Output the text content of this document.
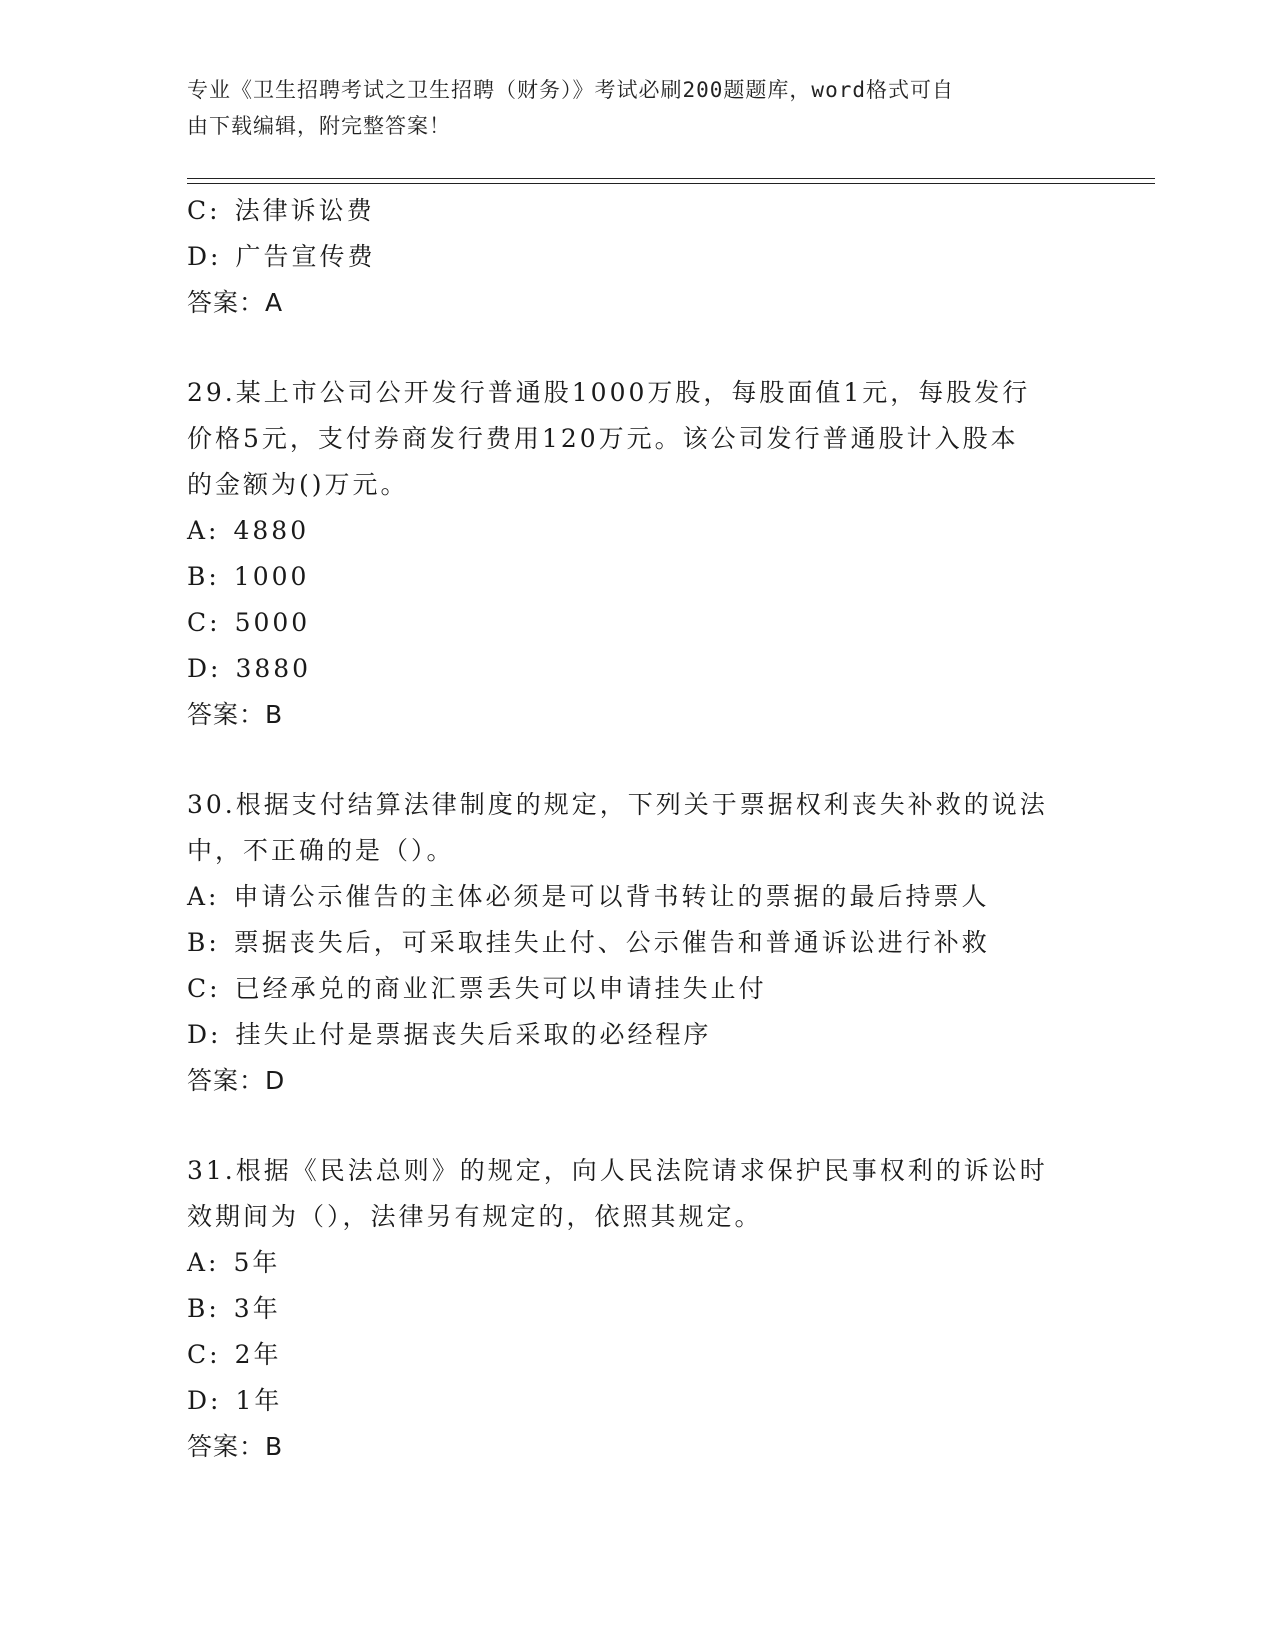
专业《卫生招聘考试之卫生招聘（财务）》考试必刷200题题库，word格式可自
由下载编辑，附完整答案！
C: 法律诉讼费
D: 广告宣传费
答案：A
29.某上市公司公开发行普通股1000万股，每股面值1元，每股发行
价格5元，支付券商发行费用120万元。该公司发行普通股计入股本
的金额为()万元。
A: 4880
B: 1000
C: 5000
D: 3880
答案：B
30.根据支付结算法律制度的规定，下列关于票据权利丧失补救的说法
中，不正确的是（）。
A: 申请公示催告的主体必须是可以背书转让的票据的最后持票人
B: 票据丧失后，可采取挂失止付、公示催告和普通诉讼进行补救
C: 已经承兑的商业汇票丢失可以申请挂失止付
D: 挂失止付是票据丧失后采取的必经程序
答案：D
31.根据《民法总则》的规定，向人民法院请求保护民事权利的诉讼时
效期间为（），法律另有规定的，依照其规定。
A: 5年
B: 3年
C: 2年
D: 1年
答案：B
